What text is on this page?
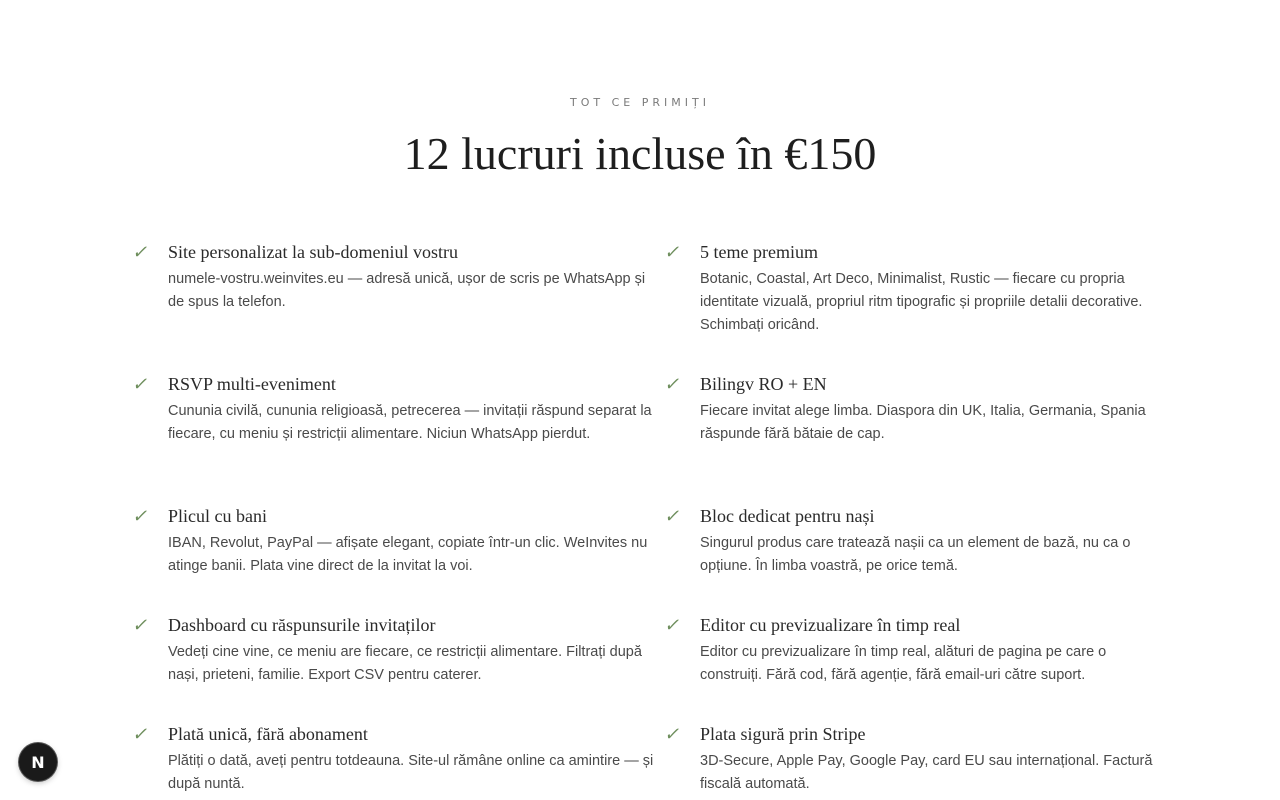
TOT CE PRIMIȚI
12 lucruri incluse în €150
✓ Site personalizat la sub-domeniul vostru

numele-vostru.weinvites.eu — adresă unică, ușor de scris pe WhatsApp și de spus la telefon.

✓ 5 teme premium

Botanic, Coastal, Art Deco, Minimalist, Rustic — fiecare cu propria identitate vizuală, propriul ritm tipografic și propriile detalii decorative. Schimbați oricând.

✓ RSVP multi-eveniment

Cununia civilă, cununia religioasă, petrecerea — invitații răspund separat la fiecare, cu meniu și restricții alimentare. Niciun WhatsApp pierdut.

✓ Bilingv RO + EN

Fiecare invitat alege limba. Diaspora din UK, Italia, Germania, Spania răspunde fără bătaie de cap.

✓ Plicul cu bani

IBAN, Revolut, PayPal — afișate elegant, copiate într-un clic. WeInvites nu atinge banii. Plata vine direct de la invitat la voi.

✓ Bloc dedicat pentru nași

Singurul produs care tratează nașii ca un element de bază, nu ca o opțiune. În limba voastră, pe orice temă.

✓ Dashboard cu răspunsurile invitaților

Vedeți cine vine, ce meniu are fiecare, ce restricții alimentare. Filtrați după nași, prieteni, familie. Export CSV pentru caterer.

✓ Editor cu previzualizare în timp real

Editor cu previzualizare în timp real, alături de pagina pe care o construiți. Fără cod, fără agenție, fără email-uri către suport.

✓ Plată unică, fără abonament

Plătiți o dată, aveți pentru totdeauna. Site-ul rămâne online ca amintire — și după nuntă.

✓ Plata sigură prin Stripe

3D-Secure, Apple Pay, Google Pay, card EU sau internațional. Factură fiscală automată.

N
